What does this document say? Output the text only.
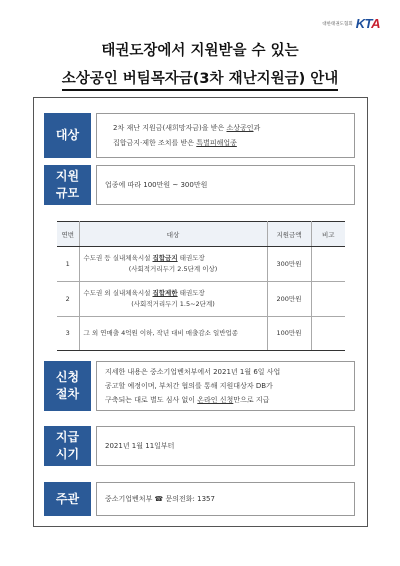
대한태권도협회 KTA
태권도장에서 지원받을 수 있는
소상공인 버팀목자금(3차 재난지원금) 안내
대상
2차 재난 지원금(새희망자금)을 받은 소상공인과
집합금지·제한 조치를 받은 특별피해업종
지원
규모
업종에 따라 100만원 ~ 300만원
연번	대상	지원금액	비고
1	수도권 등 실내체육시설 집합금지 태권도장
(사회적거리두기 2.5단계 이상)	300만원	
2	수도권 외 실내체육시설 집합제한 태권도장
(사회적거리두기 1.5~2단계)	200만원	
3	그 외 연매출 4억원 이하, 작년 대비 매출감소 일반업종	100만원	
신청
절차
지세한 내용은 중소기업벤처부에서 2021년 1월 6일 사업
공고할 예정이며, 부처간 협의를 통해 지원대상자 DB가
구축되는 대로 별도 심사 없이 온라인 신청만으로 지급
지급
시기
2021년 1월 11일부터
주관	중소기업벤처부 ☎ 문의전화: 1357
